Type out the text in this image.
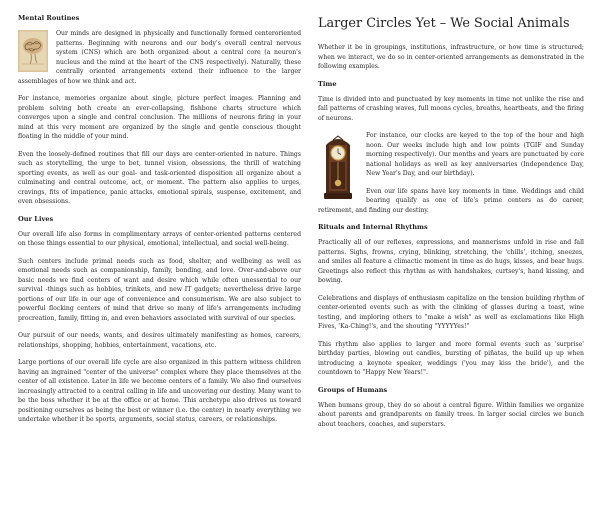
Mental Routines

Our minds are designed in physically and functionally formed centeroriented patterns. Beginning with neurons and our body's overall central nervous system (CNS) which are both organized about a central core (a neuron's nucleus and the mind at the heart of the CNS respectively). Naturally, these centrally oriented arrangements extend their influence to the larger assemblages of how we think and act.

For instance, memories organize about single, picture perfect images. Planning and problem solving both create an ever-collapsing, fishbone charts structure which converges upon a single and central conclusion. The millions of neurons firing in your mind at this very moment are organized by the single and gentle conscious thought floating in the middle of your mind.

Even the loosely-defined routines that fill our days are center-oriented in nature. Things such as storytelling, the urge to bet, tunnel vision, obsessions, the thrill of watching sporting events, as well as our goal- and task-oriented disposition all organize about a culminating and central outcome, act, or moment. The pattern also applies to urges, cravings, fits of impatience, panic attacks, emotional spirals, suspense, excitement, and even obsessions.

Our Lives

Our overall life also forms in complimentary arrays of center-oriented patterns centered on those things essential to our physical, emotional, intellectual, and social well-being.

Such centers include primal needs such as food, shelter, and wellbeing as well as emotional needs such as companionship, family, bonding, and love. Over-and-above our basic needs we find centers of want and desire which while often unessential to our survival -things such as hobbies, trinkets, and new IT gadgets; nevertheless drive large portions of our life in our age of convenience and consumerism. We are also subject to powerful flocking centers of mind that drive so many of life's arrangements including procreation, family, fitting in, and even behaviors associated with survival of our species.

Our pursuit of our needs, wants, and desires ultimately manifesting as homes, careers, relationships, shopping, hobbies, entertainment, vacations, etc.

Large portions of our overall life cycle are also organized in this pattern witness children having an ingrained "center of the universe" complex where they place themselves at the center of all existence. Later in life we become centers of a family. We also find ourselves increasingly attracted to a central calling in life and uncovering our destiny. Many want to be the boss whether it be at the office or at home. This archetype also drives us toward positioning ourselves as being the best or winner (i.e. the center) in nearly everything we undertake whether it be sports, arguments, social status, careers, or relationships.

Larger Circles Yet – We Social Animals

Whether it be in groupings, institutions, infrastructure, or how time is structured; when we interact, we do so in center-oriented arrangements as demonstrated in the following examples.

Time

Time is divided into and punctuated by key moments in time not unlike the rise and fall patterns of crashing waves, full moons cycles, breaths, heartbeats, and the firing of neurons.

For instance, our clocks are keyed to the top of the hour and high noon. Our weeks include high and low points (TGIF and Sunday morning respectively). Our months and years are punctuated by core national holidays as well as key anniversaries (Independence Day, New Year's Day, and our birthday).

Even our life spans have key moments in time. Weddings and child bearing qualify as one of life's prime centers as do career, retirement, and finding our destiny.

Rituals and Internal Rhythms

Practically all of our reflexes, expressions, and mannerisms unfold in rise and fall patterns. Sighs, frowns, crying, blinking, stretching, the 'chills', itching, sneezes, and smiles all feature a climactic moment in time as do hugs, kisses, and bear hugs. Greetings also reflect this rhythm as with handshakes, curtsey's, hand kissing, and bowing.

Celebrations and displays of enthusiasm capitalize on the tension building rhythm of center-oriented events such as with the clinking of glasses during a toast, wine testing, and imploring others to "make a wish" as well as exclamations like High Fives, 'Ka-Ching!'s, and the shouting "YYYYYes!"

This rhythm also applies to larger and more formal events such as 'surprise' birthday parties, blowing out candles, bursting of piñatas, the build up up when introducing a keynote speaker, weddings ('you may kiss the bride'), and the countdown to "Happy New Years!".

Groups of Humans

When humans group, they do so about a central figure. Within families we organize about parents and grandparents on family trees. In larger social circles we bunch about teachers, coaches, and superstars.
